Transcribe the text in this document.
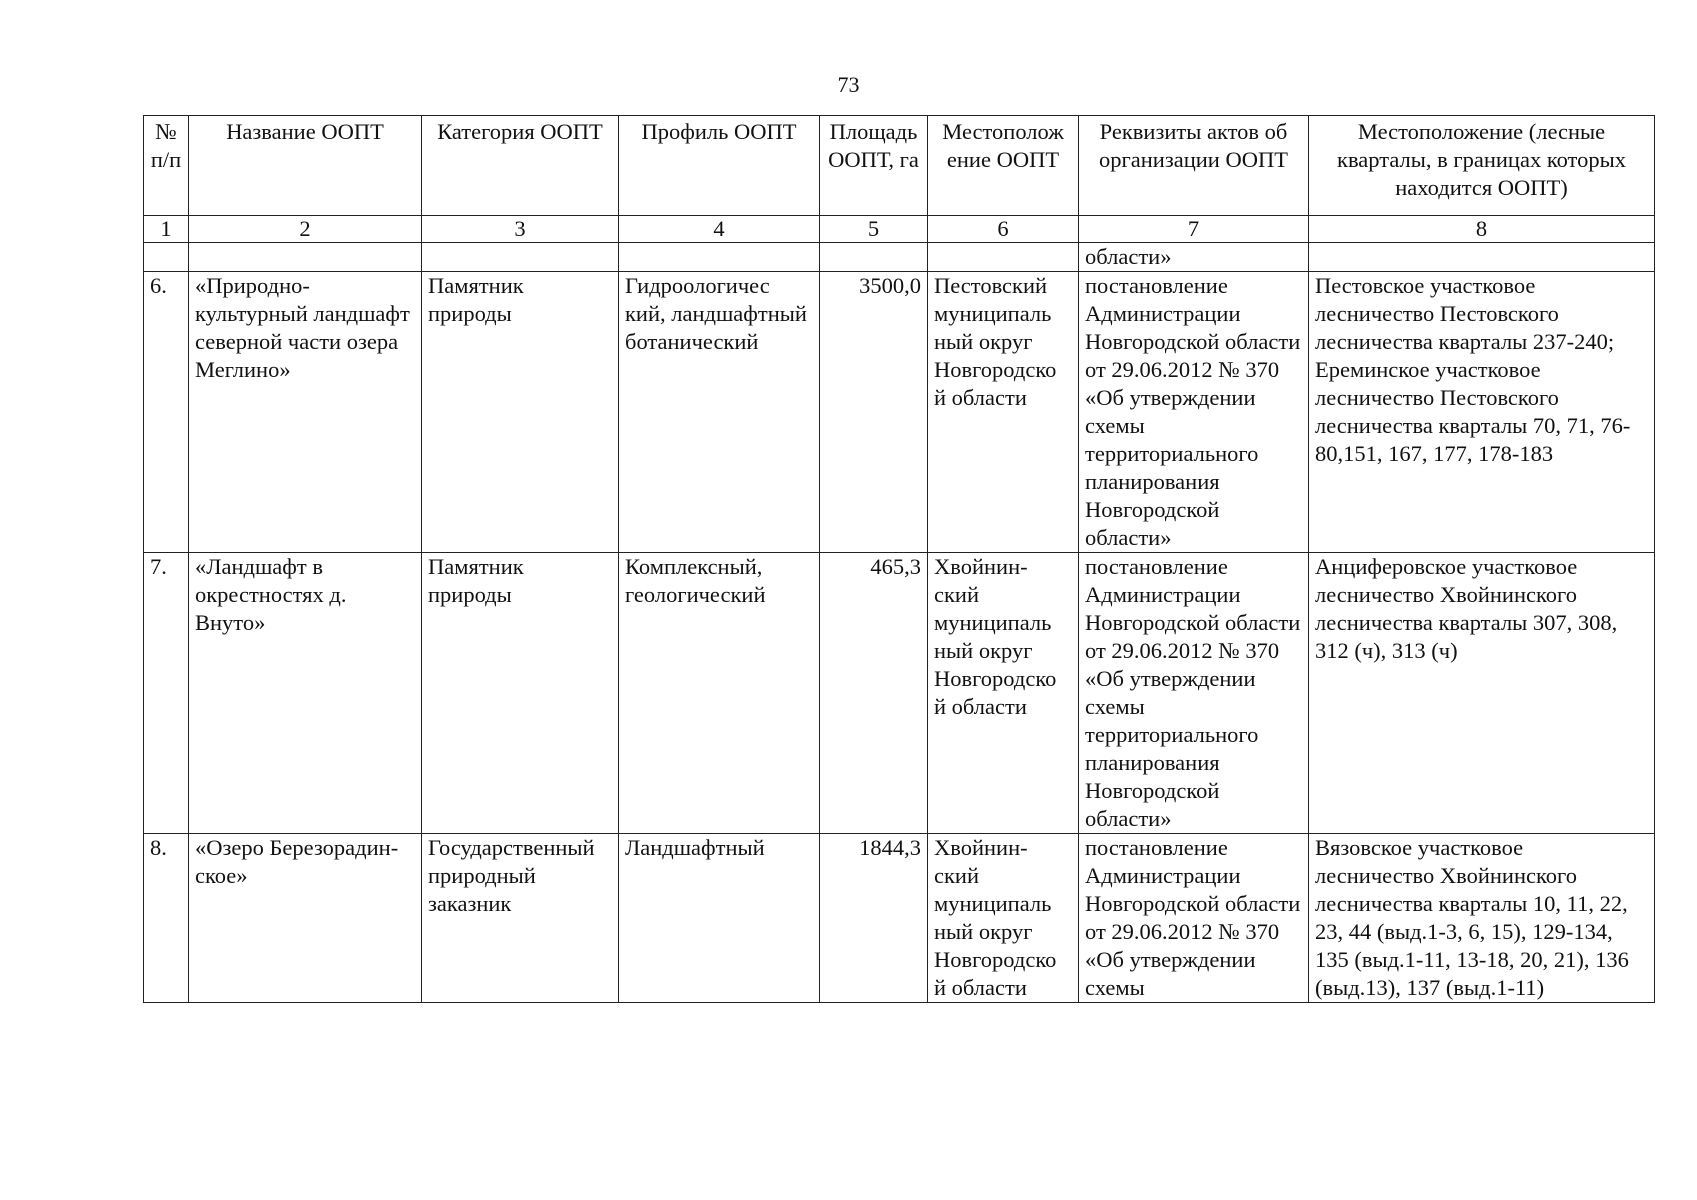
73
№ п/п	Название ООПТ	Категория ООПТ	Профиль ООПТ	Площадь ООПТ, га	Местополож ение ООПТ	Реквизиты актов об организации ООПТ	Местоположение (лесные кварталы, в границах которых находится ООПТ)
1	2	3	4	5	6	7	8
						области»	
6.	«Природно-культурный ландшафт северной части озера Меглино»	Памятник природы	Гидроологичес кий, ландшафтный ботанический	3500,0	Пестовский муниципаль ный округ Новгородско й области	постановление Администрации Новгородской области от 29.06.2012 № 370 «Об утверждении схемы территориального планирования Новгородской области»	Пестовское участковое лесничество Пестовского лесничества кварталы 237-240; Ереминское участковое лесничество Пестовского лесничества кварталы 70, 71, 76-80,151, 167, 177, 178-183
7.	«Ландшафт в окрестностях д. Внуто»	Памятник природы	Комплексный, геологический	465,3	Хвойнин-ский муниципаль ный округ Новгородско й области	постановление Администрации Новгородской области от 29.06.2012 № 370 «Об утверждении схемы территориального планирования Новгородской области»	Анциферовское участковое лесничество Хвойнинского лесничества кварталы 307, 308, 312 (ч), 313 (ч)
8.	«Озеро Березорадин-ское»	Государственный природный заказник	Ландшафтный	1844,3	Хвойнин-ский муниципаль ный округ Новгородско й области	постановление Администрации Новгородской области от 29.06.2012 № 370 «Об утверждении схемы	Вязовское участковое лесничество Хвойнинского лесничества кварталы 10, 11, 22, 23, 44 (выд.1-3, 6, 15), 129-134, 135 (выд.1-11, 13-18, 20, 21), 136 (выд.13), 137 (выд.1-11)
